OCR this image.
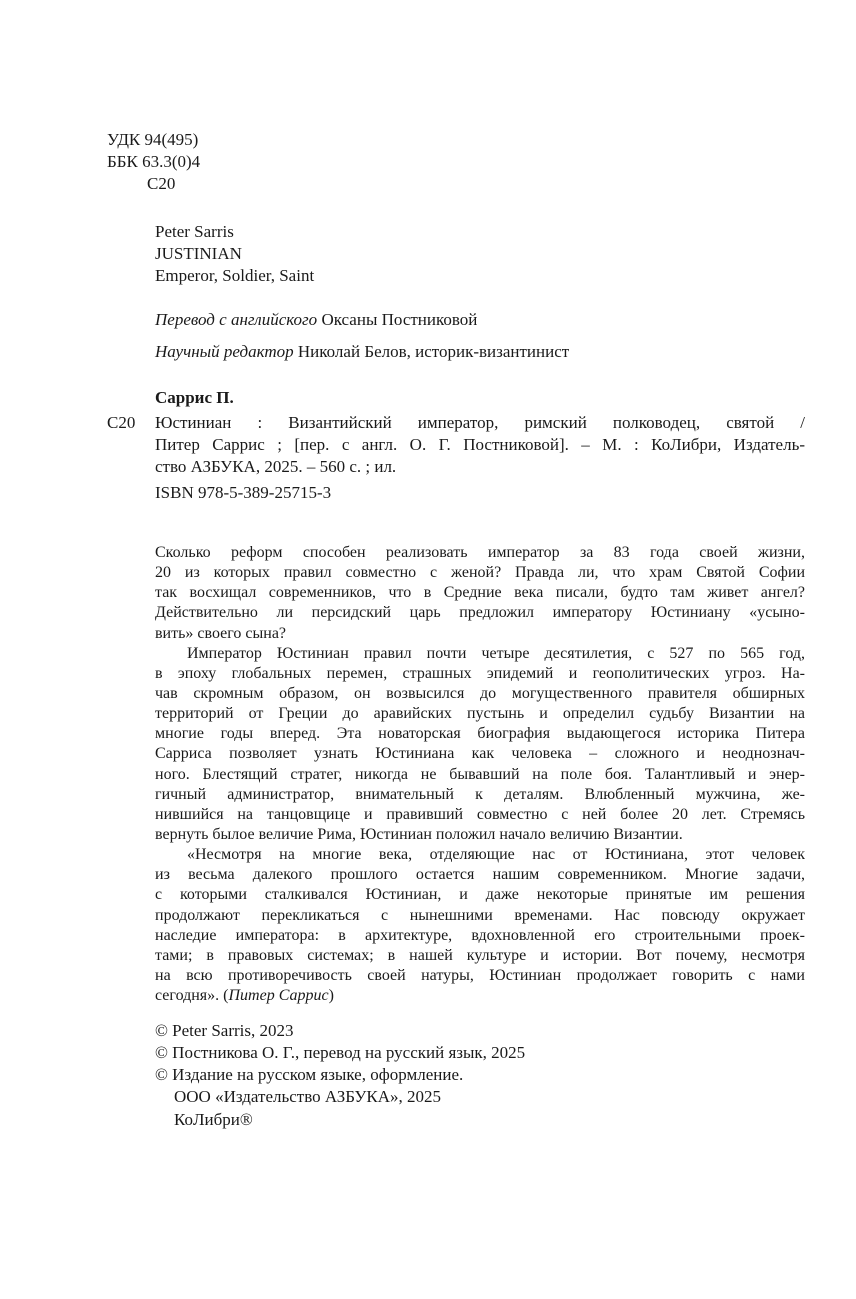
УДК 94(495)
ББК 63.3(0)4
С20
Peter Sarris
JUSTINIAN
Emperor, Soldier, Saint
Перевод с английского Оксаны Постниковой
Научный редактор Николай Белов, историк-византинист
Саррис П.
С20 Юстиниан : Византийский император, римский полководец, святой /
Питер Саррис ; [пер. с англ. О. Г. Постниковой]. – М. : КоЛибри, Издатель-
ство АЗБУКА, 2025. – 560 с. ; ил.
ISBN 978-5-389-25715-3
Сколько реформ способен реализовать император за 83 года своей жизни,
20 из которых правил совместно с женой? Правда ли, что храм Святой Софии
так восхищал современников, что в Средние века писали, будто там живет ангел?
Действительно ли персидский царь предложил императору Юстиниану «усыно-
вить» своего сына?
Император Юстиниан правил почти четыре десятилетия, с 527 по 565 год,
в эпоху глобальных перемен, страшных эпидемий и геополитических угроз. На-
чав скромным образом, он возвысился до могущественного правителя обширных
территорий от Греции до аравийских пустынь и определил судьбу Византии на
многие годы вперед. Эта новаторская биография выдающегося историка Питера
Сарриса позволяет узнать Юстиниана как человека – сложного и неоднознач-
ного. Блестящий стратег, никогда не бывавший на поле боя. Талантливый и энер-
гичный администратор, внимательный к деталям. Влюбленный мужчина, же-
нившийся на танцовщице и правивший совместно с ней более 20 лет. Стремясь
вернуть былое величие Рима, Юстиниан положил начало величию Византии.
«Несмотря на многие века, отделяющие нас от Юстиниана, этот человек
из весьма далекого прошлого остается нашим современником. Многие задачи,
с которыми сталкивался Юстиниан, и даже некоторые принятые им решения
продолжают перекликаться с нынешними временами. Нас повсюду окружает
наследие императора: в архитектуре, вдохновленной его строительными проек-
тами; в правовых системах; в нашей культуре и истории. Вот почему, несмотря
на всю противоречивость своей натуры, Юстиниан продолжает говорить с нами
сегодня». (Питер Саррис)
© Peter Sarris, 2023
© Постникова О. Г., перевод на русский язык, 2025
© Издание на русском языке, оформление.
ООО «Издательство АЗБУКА», 2025
КоЛибри®
